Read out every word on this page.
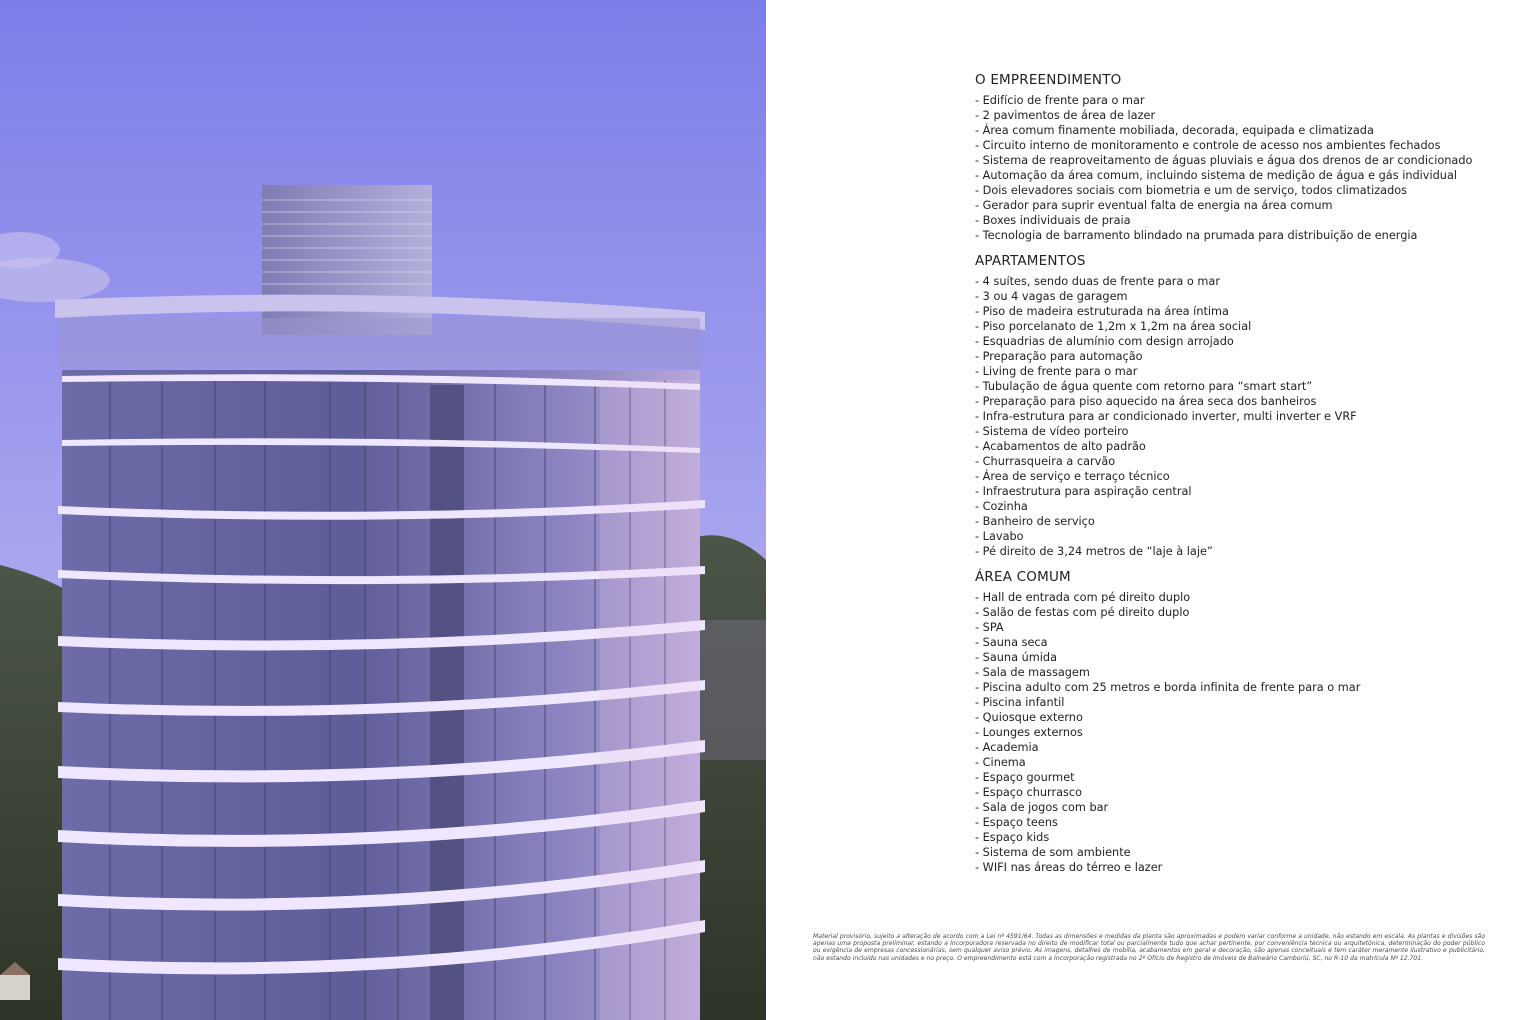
O EMPREENDIMENTO
- Edifício de frente para o mar
- 2 pavimentos de área de lazer
- Área comum finamente mobiliada, decorada, equipada e climatizada
- Circuito interno de monitoramento e controle de acesso nos ambientes fechados
- Sistema de reaproveitamento de águas pluviais e água dos drenos de ar condicionado
- Automação da área comum, incluindo sistema de medição de água e gás individual
- Dois elevadores sociais com biometria e um de serviço, todos climatizados
- Gerador para suprir eventual falta de energia na área comum
- Boxes individuais de praia
- Tecnologia de barramento blindado na prumada para distribuição de energia
APARTAMENTOS
- 4 suítes, sendo duas de frente para o mar
- 3 ou 4 vagas de garagem
- Piso de madeira estruturada na área íntima
- Piso porcelanato de 1,2m x 1,2m na área social
- Esquadrias de alumínio com design arrojado
- Preparação para automação
- Living de frente para o mar
- Tubulação de água quente com retorno para “smart start”
- Preparação para piso aquecido na área seca dos banheiros
- Infra-estrutura para ar condicionado inverter, multi inverter e VRF
- Sistema de vídeo porteiro
- Acabamentos de alto padrão
- Churrasqueira a carvão
- Área de serviço e terraço técnico
- Infraestrutura para aspiração central
- Cozinha
- Banheiro de serviço
- Lavabo
- Pé direito de 3,24 metros de “laje à laje”
ÁREA COMUM
- Hall de entrada com pé direito duplo
- Salão de festas com pé direito duplo
- SPA
- Sauna seca
- Sauna úmida
- Sala de massagem
- Piscina adulto com 25 metros e borda infinita de frente para o mar
- Piscina infantil
- Quiosque externo
- Lounges externos
- Academia
- Cinema
- Espaço gourmet
- Espaço churrasco
- Sala de jogos com bar
- Espaço teens
- Espaço kids
- Sistema de som ambiente
- WIFI nas áreas do térreo e lazer

Material provisório, sujeito a alteração de acordo com a Lei nº 4591/64. Todas as dimensões e medidas da planta são aproximadas e podem variar conforme a unidade, não estando em escala. As plantas e divisões são apenas uma proposta preliminar, estando a Incorporadora reservada no direito de modificar total ou parcialmente tudo que achar pertinente, por conveniência técnica ou arquitetônica, determinação do poder público ou exigência de empresas concessionárias, sem qualquer aviso prévio. As imagens, detalhes de mobília, acabamentos em geral e decoração, são apenas conceituais e tem caráter meramente ilustrativo e publicitário, não estando incluído nas unidades e no preço. O empreendimento está com a Incorporação registrada no 2º Ofício de Registro de Imóveis de Balneário Camboriú, SC, no R-10 da matrícula Nº 12.701.
